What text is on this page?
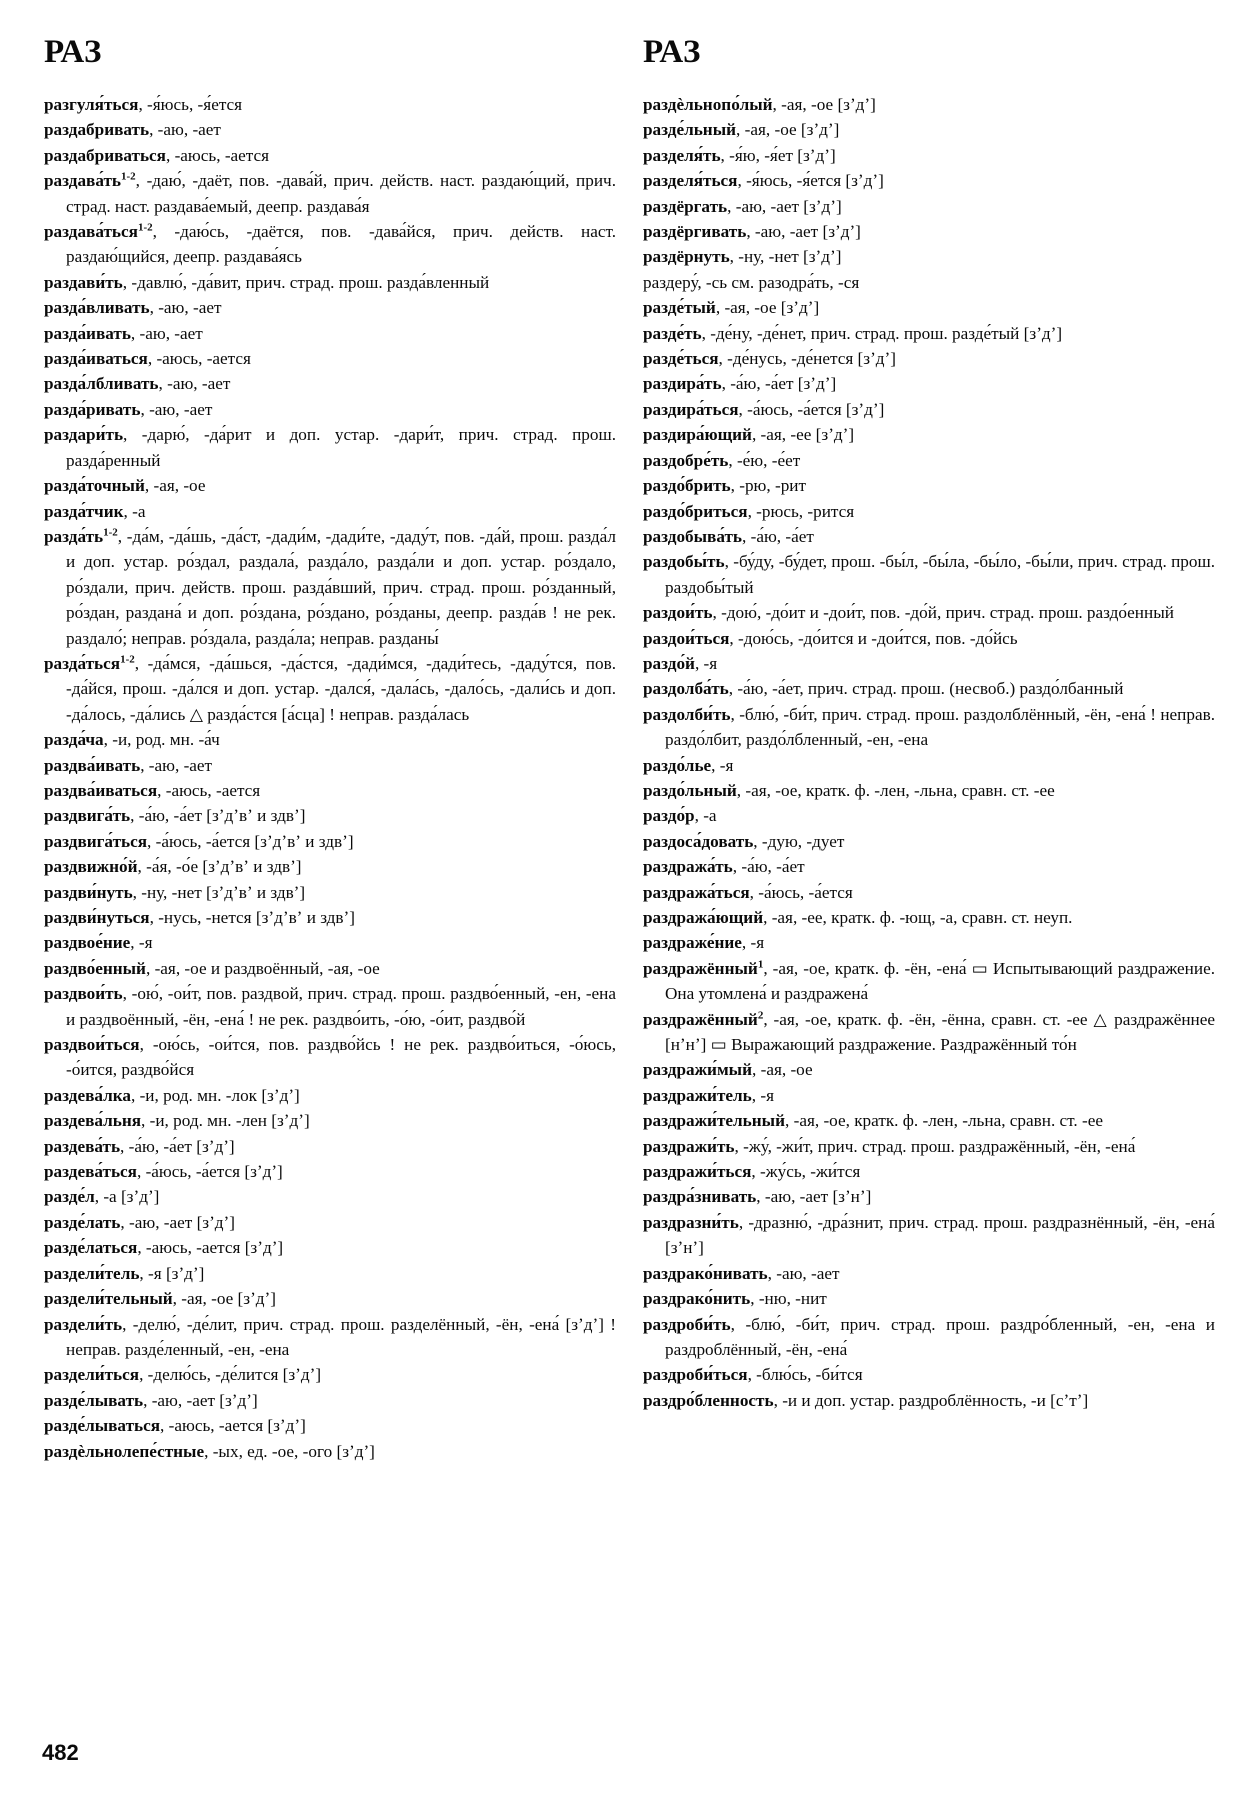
РАЗ	РАЗ

разгуля́ться, -я́юсь, -я́ется

раздабривать, -аю, -ает

раздабриваться, -аюсь, -ается

$раздава́ть^{1-2}$, -даю́, -даёт, пов. -дава́й, прич. действ. наст. раздаю́щий, прич. страд. наст. раздава́емый, деепр. раздава́я

раздава́ться$^{1-2}$, -даю́сь, -даётся, пов. -дава́йся, прич. действ. наст. раздаю́щийся, деепр. раздава́ясь

раздави́ть, -давлю́, -да́вит, прич. страд. прош. разда́вленный

разда́вливать, -аю, -ает

разда́ивать, -аю, -ает

разда́иваться, -аюсь, -ается

разда́лбливать, -аю, -ает

разда́ривать, -аю, -ает

раздари́ть, -дарю́, -да́рит и доп. устар. -дари́т, прич. страд. прош. разда́ренный

разда́точный, -ая, -ое

разда́тчик, -а

$разда́ть^{1-2}$, -да́м, -да́шь, -да́ст, -дади́м, -дади́те, -даду́т, пов. -да́й, прош. разда́л и доп. устар. ро́здал, раздала́, разда́ло, разда́ли и доп. устар. ро́здало, ро́здали, прич. действ. прош. разда́вший, прич. страд. прош. ро́зданный, ро́здан, раздана́ и доп. ро́здана, ро́здано, ро́зданы, деепр. разда́в ! не рек. раздало́; неправ. ро́здала, разда́ла; неправ. разданы́

разда́ться$^{1-2}$, -да́мся, -да́шься, -да́стся, -дади́мся, -дади́тесь, -даду́тся, пов. -да́йся, прош. -да́лся и доп. устар. -дался́, -дала́сь, -дало́сь, -дали́сь и доп. -да́лось, -да́лись △ разда́стся [а́сца] ! неправ. разда́лась

разда́ча, -и, род. мн. -а́ч

раздва́ивать, -аю, -ает

раздва́иваться, -аюсь, -ается

раздвига́ть, -а́ю, -а́ет [зʼдʼвʼ и здвʼ]

раздвига́ться, -а́юсь, -а́ется [зʼдʼвʼ и здвʼ]

раздвижно́й, -а́я, -о́е [зʼдʼвʼ и здвʼ]

раздви́нуть, -ну, -нет [зʼдʼвʼ и здвʼ]

раздви́нуться, -нусь, -нется [зʼдʼвʼ и здвʼ]

раздвое́ние, -я

раздво́енный, -ая, -ое и раздвоённый, -ая, -ое

раздвои́ть, -ою́, -ои́т, пов. раздвой, прич. страд. прош. раздво́енный, -ен, -ена и раздвоённый, -ён, -ена́ ! не рек. раздво́ить, -о́ю, -о́ит, раздво́й

раздвои́ться, -ою́сь, -ои́тся, пов. раздво́йсь ! не рек. раздво́иться, -о́юсь, -о́ится, раздво́йся

раздева́лка, -и, род. мн. -лок [зʼдʼ]

раздева́льня, -и, род. мн. -лен [зʼдʼ]

раздева́ть, -а́ю, -а́ет [зʼдʼ]

раздева́ться, -а́юсь, -а́ется [зʼдʼ]

разде́л, -а [зʼдʼ]

разде́лать, -аю, -ает [зʼдʼ]

разде́латься, -аюсь, -ается [зʼдʼ]

раздели́тель, -я [зʼдʼ]

раздели́тельный, -ая, -ое [зʼдʼ]

раздели́ть, -делю́, -де́лит, прич. страд. прош. разделённый, -ён, -ена́ [зʼдʼ] ! неправ. разде́ленный, -ен, -ена

раздели́ться, -делю́сь, -де́лится [зʼдʼ]

разде́лывать, -аю, -ает [зʼдʼ]

разде́лываться, -аюсь, -ается [зʼдʼ]

раздѐльнолепе́стные, -ых, ед. -ое, -ого [зʼдʼ]

раздѐльнопо́лый, -ая, -ое [зʼдʼ]

разде́льный, -ая, -ое [зʼдʼ]

разделя́ть, -я́ю, -я́ет [зʼдʼ]

разделя́ться, -я́юсь, -я́ется [зʼдʼ]

раздёргать, -аю, -ает [зʼдʼ]

раздёргивать, -аю, -ает [зʼдʼ]

раздёрнуть, -ну, -нет [зʼдʼ]

раздеру́, -сь см. разодра́ть, -ся

разде́тый, -ая, -ое [зʼдʼ]

разде́ть, -де́ну, -де́нет, прич. страд. прош. разде́тый [зʼдʼ]

разде́ться, -де́нусь, -де́нется [зʼдʼ]

раздира́ть, -а́ю, -а́ет [зʼдʼ]

раздира́ться, -а́юсь, -а́ется [зʼдʼ]

раздира́ющий, -ая, -ее [зʼдʼ]

раздобре́ть, -е́ю, -е́ет

раздо́брить, -рю, -рит

раздо́бриться, -рюсь, -рится

раздобыва́ть, -а́ю, -а́ет

раздобы́ть, -бу́ду, -бу́дет, прош. -бы́л, -бы́ла, -бы́ло, -бы́ли, прич. страд. прош. раздобы́тый

раздои́ть, -дою́, -до́ит и -дои́т, пов. -до́й, прич. страд. прош. раздо́енный

раздои́ться, -дою́сь, -до́ится и -дои́тся, пов. -до́йсь

раздо́й, -я

раздолба́ть, -а́ю, -а́ет, прич. страд. прош. (несвоб.) раздо́лбанный

раздолби́ть, -блю́, -би́т, прич. страд. прош. раздолблённый, -ён, -ена́ ! неправ. раздо́лбит, раздо́лбленный, -ен, -ена

раздо́лье, -я

раздо́льный, -ая, -ое, кратк. ф. -лен, -льна, сравн. ст. -ее

раздо́р, -а

раздоса́довать, -дую, -дует

раздража́ть, -а́ю, -а́ет

раздража́ться, -а́юсь, -а́ется

раздража́ющий, -ая, -ее, кратк. ф. -ющ, -а, сравн. ст. неуп.

раздраже́ние, -я

раздражённый$^1$, -ая, -ое, кратк. ф. -ён, -ена́ ▭ Испытывающий раздражение. Она утомлена́ и раздражена́

раздражённый$^2$, -ая, -ое, кратк. ф. -ён, -ённа, сравн. ст. -ее △ раздражённее [нʼнʼ] ▭ Выражающий раздражение. Раздражённый то́н

раздражи́мый, -ая, -ое

раздражи́тель, -я

раздражи́тельный, -ая, -ое, кратк. ф. -лен, -льна, сравн. ст. -ее

раздражи́ть, -жу́, -жи́т, прич. страд. прош. раздражённый, -ён, -ена́

раздражи́ться, -жу́сь, -жи́тся

раздра́знивать, -аю, -ает [зʼнʼ]

раздразни́ть, -дразню́, -дра́знит, прич. страд. прош. раздразнённый, -ён, -ена́ [зʼнʼ]

раздрако́нивать, -аю, -ает

раздрако́нить, -ню, -нит

раздроби́ть, -блю́, -би́т, прич. страд. прош. раздро́бленный, -ен, -ена и раздроблённый, -ён, -ена́

раздроби́ться, -блю́сь, -би́тся

раздро́бленность, -и и доп. устар. раздроблённость, -и [сʼтʼ]

482
